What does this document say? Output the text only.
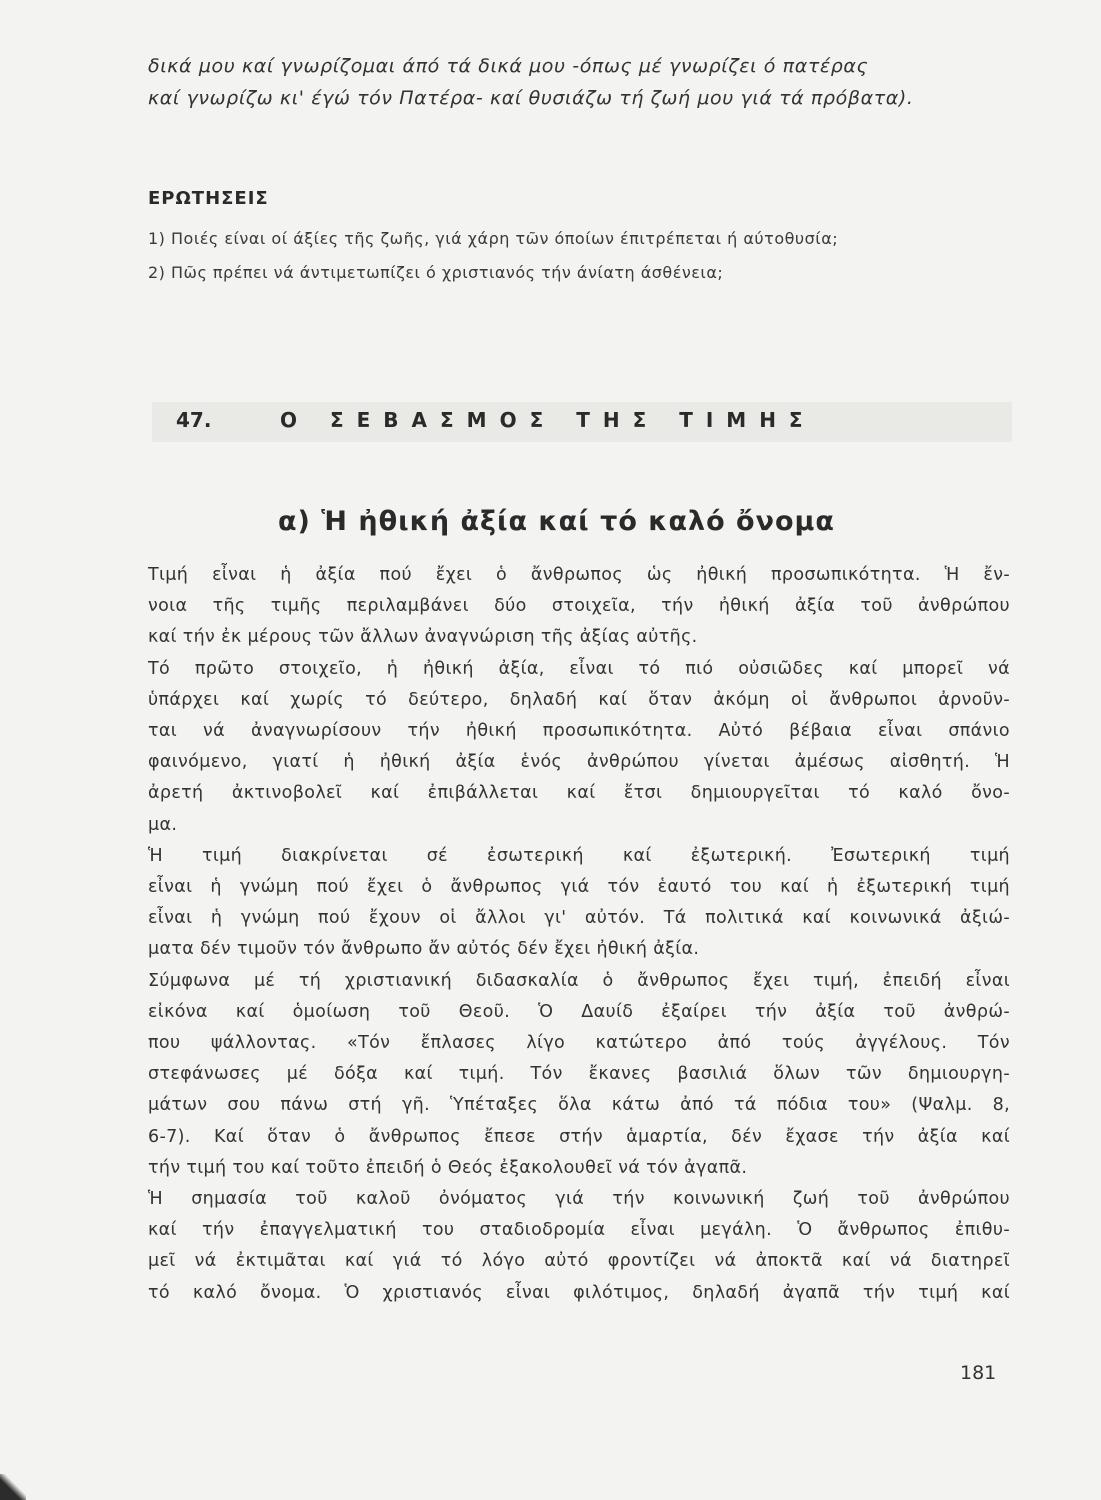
δικά μου καί γνωρίζομαι άπό τά δικά μου -όπως μέ γνωρίζει ό πατέρας

καί γνωρίζω κι' έγώ τόν Πατέρα- καί θυσιάζω τή ζωή μου γιά τά πρόβατα).

ΕΡΩΤΗΣΕΙΣ

1) Ποιές είναι οί άξίες τῆς ζωῆς, γιά χάρη τῶν όποίων έπιτρέπεται ή αύτοθυσία;

2) Πῶς πρέπει νά άντιμετωπίζει ό χριστιανός τήν άνίατη άσθένεια;

47.	Ο ΣΕΒΑΣΜΟΣ ΤΗΣ ΤΙΜΗΣ
α) Ἡ ἠθική ἀξία καί τό καλό ὄνομα
Τιμή εἶναι ἡ ἀξία πού ἔχει ὁ ἄνθρωπος ὡς ἠθική προσωπικότητα. Ἡ ἔν-
νοια τῆς τιμῆς περιλαμβάνει δύο στοιχεῖα, τήν ἠθική ἀξία τοῦ ἀνθρώπου
καί τήν ἐκ μέρους τῶν ἄλλων ἀναγνώριση τῆς ἀξίας αὐτῆς.
Τό πρῶτο στοιχεῖο, ἡ ἠθική ἀξία, εἶναι τό πιό οὐσιῶδες καί μπορεῖ νά
ὑπάρχει καί χωρίς τό δεύτερο, δηλαδή καί ὅταν ἀκόμη οἱ ἄνθρωποι ἀρνοῦν-
ται νά ἀναγνωρίσουν τήν ἠθική προσωπικότητα. Αὐτό βέβαια εἶναι σπάνιο
φαινόμενο, γιατί ἡ ἠθική ἀξία ἑνός ἀνθρώπου γίνεται ἀμέσως αἰσθητή. Ἡ
ἀρετή ἀκτινοβολεῖ καί ἐπιβάλλεται καί ἔτσι δημιουργεῖται τό καλό ὄνο-
μα.
Ἡ τιμή διακρίνεται σέ ἐσωτερική καί ἐξωτερική. Ἐσωτερική τιμή
εἶναι ἡ γνώμη πού ἔχει ὁ ἄνθρωπος γιά τόν ἑαυτό του καί ἡ ἐξωτερική τιμή
εἶναι ἡ γνώμη πού ἔχουν οἱ ἄλλοι γι' αὐτόν. Τά πολιτικά καί κοινωνικά ἀξιώ-
ματα δέν τιμοῦν τόν ἄνθρωπο ἄν αὐτός δέν ἔχει ἠθική ἀξία.
Σύμφωνα μέ τή χριστιανική διδασκαλία ὁ ἄνθρωπος ἔχει τιμή, ἐπειδή εἶναι
εἰκόνα καί ὁμοίωση τοῦ Θεοῦ. Ὁ Δαυίδ ἐξαίρει τήν ἀξία τοῦ ἀνθρώ-
που ψάλλοντας. «Τόν ἔπλασες λίγο κατώτερο ἀπό τούς ἀγγέλους. Τόν
στεφάνωσες μέ δόξα καί τιμή. Τόν ἔκανες βασιλιά ὅλων τῶν δημιουργη-
μάτων σου πάνω στή γῆ. Ὑπέταξες ὅλα κάτω ἀπό τά πόδια του» (Ψαλμ. 8,
6-7). Καί ὅταν ὁ ἄνθρωπος ἔπεσε στήν ἁμαρτία, δέν ἔχασε τήν ἀξία καί
τήν τιμή του καί τοῦτο ἐπειδή ὁ Θεός ἐξακολουθεῖ νά τόν ἀγαπᾶ.
Ἡ σημασία τοῦ καλοῦ ὀνόματος γιά τήν κοινωνική ζωή τοῦ ἀνθρώπου
καί τήν ἐπαγγελματική του σταδιοδρομία εἶναι μεγάλη. Ὁ ἄνθρωπος ἐπιθυ-
μεῖ νά ἐκτιμᾶται καί γιά τό λόγο αὐτό φροντίζει νά ἀποκτᾶ καί νά διατηρεῖ
τό καλό ὄνομα. Ὁ χριστιανός εἶναι φιλότιμος, δηλαδή ἀγαπᾶ τήν τιμή καί
181
